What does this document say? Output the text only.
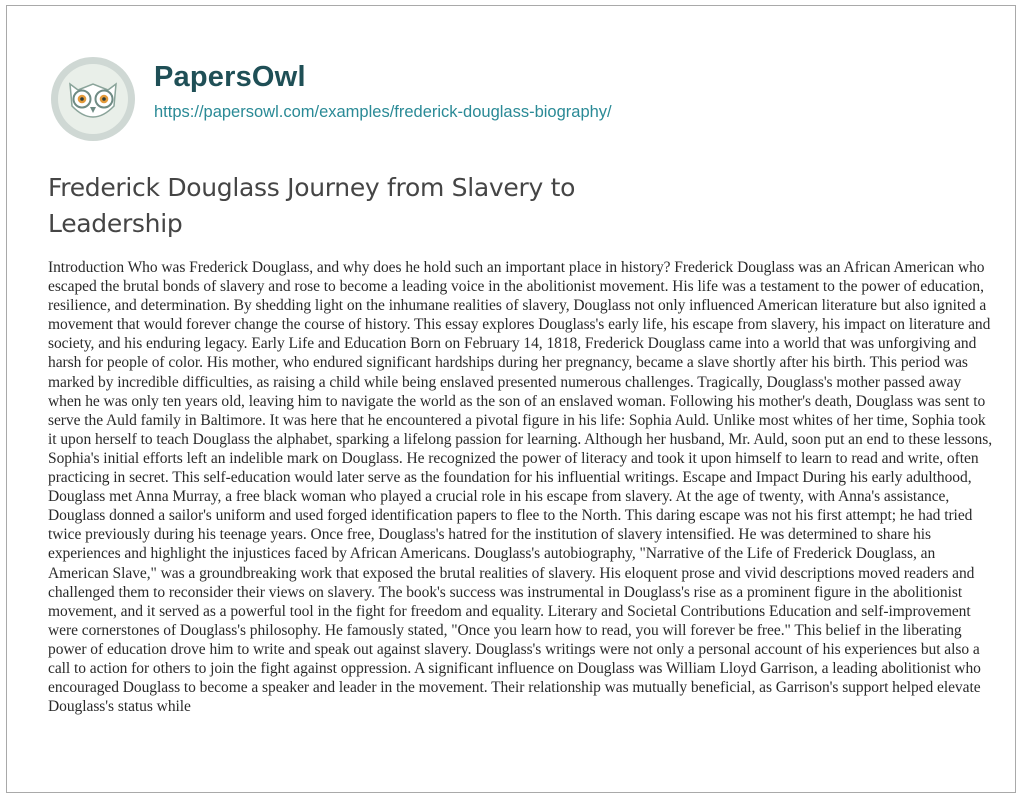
PapersOwl
https://papersowl.com/examples/frederick-douglass-biography/
Frederick Douglass Journey from Slavery to Leadership

Introduction Who was Frederick Douglass, and why does he hold such an important place in history? Frederick Douglass was an African American who escaped the brutal bonds of slavery and rose to become a leading voice in the abolitionist movement. His life was a testament to the power of education, resilience, and determination. By shedding light on the inhumane realities of slavery, Douglass not only influenced American literature but also ignited a movement that would forever change the course of history. This essay explores Douglass's early life, his escape from slavery, his impact on literature and society, and his enduring legacy. Early Life and Education Born on February 14, 1818, Frederick Douglass came into a world that was unforgiving and harsh for people of color. His mother, who endured significant hardships during her pregnancy, became a slave shortly after his birth. This period was marked by incredible difficulties, as raising a child while being enslaved presented numerous challenges. Tragically, Douglass's mother passed away when he was only ten years old, leaving him to navigate the world as the son of an enslaved woman. Following his mother's death, Douglass was sent to serve the Auld family in Baltimore. It was here that he encountered a pivotal figure in his life: Sophia Auld. Unlike most whites of her time, Sophia took it upon herself to teach Douglass the alphabet, sparking a lifelong passion for learning. Although her husband, Mr. Auld, soon put an end to these lessons, Sophia's initial efforts left an indelible mark on Douglass. He recognized the power of literacy and took it upon himself to learn to read and write, often practicing in secret. This self-education would later serve as the foundation for his influential writings. Escape and Impact During his early adulthood, Douglass met Anna Murray, a free black woman who played a crucial role in his escape from slavery. At the age of twenty, with Anna's assistance, Douglass donned a sailor's uniform and used forged identification papers to flee to the North. This daring escape was not his first attempt; he had tried twice previously during his teenage years. Once free, Douglass's hatred for the institution of slavery intensified. He was determined to share his experiences and highlight the injustices faced by African Americans. Douglass's autobiography, "Narrative of the Life of Frederick Douglass, an American Slave," was a groundbreaking work that exposed the brutal realities of slavery. His eloquent prose and vivid descriptions moved readers and challenged them to reconsider their views on slavery. The book's success was instrumental in Douglass's rise as a prominent figure in the abolitionist movement, and it served as a powerful tool in the fight for freedom and equality. Literary and Societal Contributions Education and self-improvement were cornerstones of Douglass's philosophy. He famously stated, "Once you learn how to read, you will forever be free." This belief in the liberating power of education drove him to write and speak out against slavery. Douglass's writings were not only a personal account of his experiences but also a call to action for others to join the fight against oppression. A significant influence on Douglass was William Lloyd Garrison, a leading abolitionist who encouraged Douglass to become a speaker and leader in the movement. Their relationship was mutually beneficial, as Garrison's support helped elevate Douglass's status while
